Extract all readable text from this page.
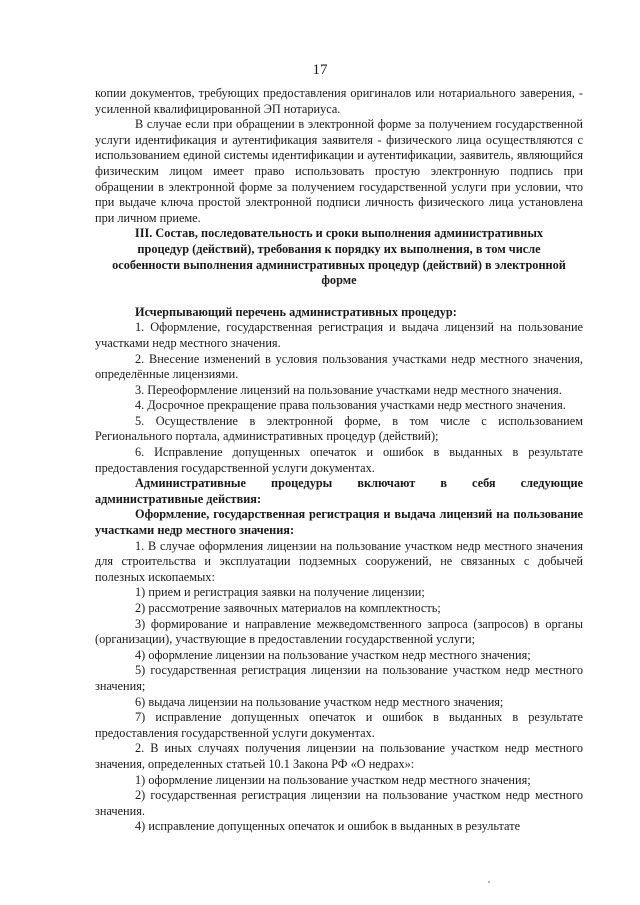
17

копии документов, требующих предоставления оригиналов или нотариального заверения, - усиленной квалифицированной ЭП нотариуса.

В случае если при обращении в электронной форме за получением государственной услуги идентификация и аутентификация заявителя - физического лица осуществляются с использованием единой системы идентификации и аутентификации, заявитель, являющийся физическим лицом имеет право использовать простую электронную подпись при обращении в электронной форме за получением государственной услуги при условии, что при выдаче ключа простой электронной подписи личность физического лица установлена при личном приеме.

III. Состав, последовательность и сроки выполнения административных процедур (действий), требования к порядку их выполнения, в том числе особенности выполнения административных процедур (действий) в электронной форме

Исчерпывающий перечень административных процедур:

1. Оформление, государственная регистрация и выдача лицензий на пользование участками недр местного значения.

2. Внесение изменений в условия пользования участками недр местного значения, определённые лицензиями.

3. Переоформление лицензий на пользование участками недр местного значения.

4. Досрочное прекращение права пользования участками недр местного значения.

5. Осуществление в электронной форме, в том числе с использованием Регионального портала, административных процедур (действий);

6. Исправление допущенных опечаток и ошибок в выданных в результате предоставления государственной услуги документах.

Административные процедуры включают в себя следующие административные действия:

Оформление, государственная регистрация и выдача лицензий на пользование участками недр местного значения:

1. В случае оформления лицензии на пользование участком недр местного значения для строительства и эксплуатации подземных сооружений, не связанных с добычей полезных ископаемых:

1) прием и регистрация заявки на получение лицензии;

2) рассмотрение заявочных материалов на комплектность;

3) формирование и направление межведомственного запроса (запросов) в органы (организации), участвующие в предоставлении государственной услуги;

4) оформление лицензии на пользование участком недр местного значения;

5) государственная регистрация лицензии на пользование участком недр местного значения;

6) выдача лицензии на пользование участком недр местного значения;

7) исправление допущенных опечаток и ошибок в выданных в результате предоставления государственной услуги документах.

2. В иных случаях получения лицензии на пользование участком недр местного значения, определенных статьей 10.1 Закона РФ «О недрах»:

1) оформление лицензии на пользование участком недр местного значения;

2) государственная регистрация лицензии на пользование участком недр местного значения.

4) исправление допущенных опечаток и ошибок в выданных в результате
